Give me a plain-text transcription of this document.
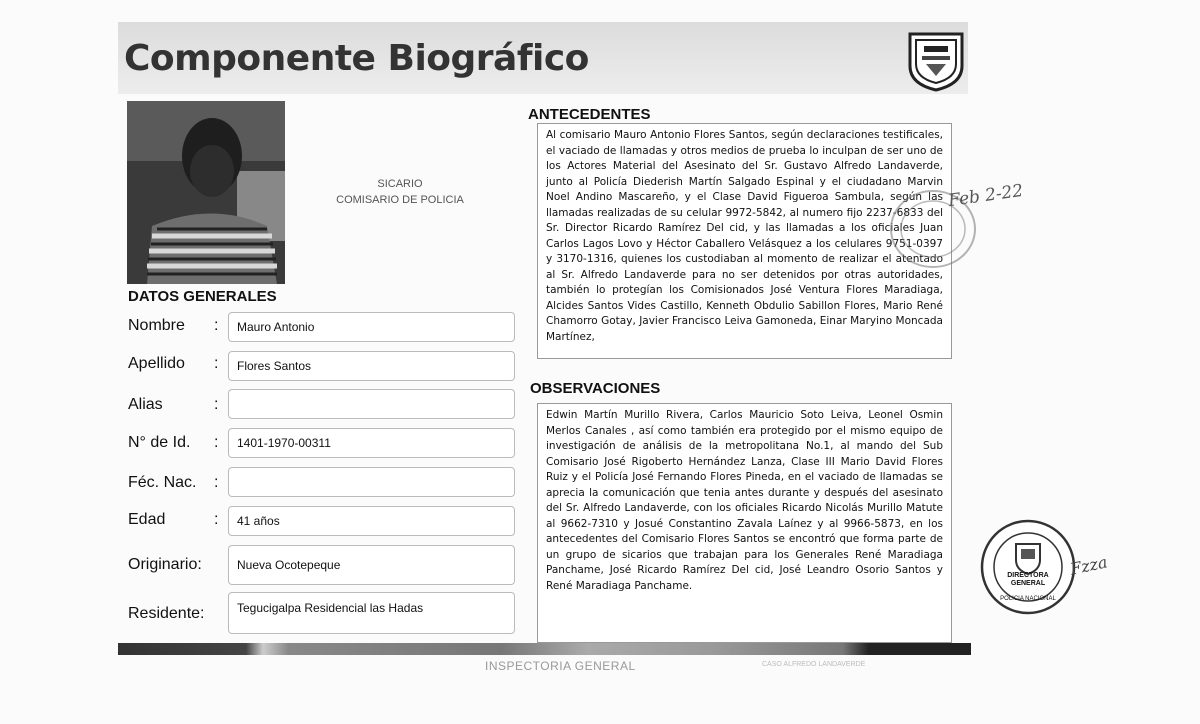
Componente Biográfico
SICARIO
COMISARIO DE POLICIA
DATOS GENERALES
Nombre :	Mauro Antonio
Apellido :	Flores Santos
Alias	:
N° de Id. :	1401-1970-00311
Féc. Nac. :
Edad	:	41 años
Originario:	Nueva Ocotepeque
Residente:	Tegucigalpa Residencial las Hadas
ANTECEDENTES
Al comisario Mauro Antonio Flores Santos, según declaraciones testificales, el vaciado de llamadas y otros medios de prueba lo inculpan de ser uno de los Actores Material del Asesinato del Sr. Gustavo Alfredo Landaverde, junto al Policía Diederish Martín Salgado Espinal y el ciudadano Marvin Noel Andino Mascareño, y el Clase David Figueroa Sambula, según las llamadas realizadas de su celular 9972-5842, al numero fijo 2237-6833 del Sr. Director Ricardo Ramírez Del cid, y las llamadas a los oficiales Juan Carlos Lagos Lovo y Héctor Caballero Velásquez a los celulares 9751-0397 y 3170-1316, quienes los custodiaban al momento de realizar el atentado al Sr. Alfredo Landaverde para no ser detenidos por otras autoridades, también lo protegían los Comisionados José Ventura Flores Maradiaga, Alcides Santos Vides Castillo, Kenneth Obdulio Sabillon Flores, Mario René Chamorro Gotay, Javier Francisco Leiva Gamoneda, Einar Maryino Moncada Martínez,
OBSERVACIONES
Edwin Martín Murillo Rivera, Carlos Mauricio Soto Leiva, Leonel Osmin Merlos Canales , así como también era protegido por el mismo equipo de investigación de análisis de la metropolitana No.1, al mando del Sub Comisario José Rigoberto Hernández Lanza, Clase III Mario David Flores Ruiz y el Policía José Fernando Flores Pineda, en el vaciado de llamadas se aprecia la comunicación que tenia antes durante y después del asesinato del Sr. Alfredo Landaverde, con los oficiales Ricardo Nicolás Murillo Matute al 9662-7310 y Josué Constantino Zavala Laínez y al 9966-5873, en los antecedentes del Comisario Flores Santos se encontró que forma parte de un grupo de sicarios que trabajan para los Generales René Maradiaga Panchame, José Ricardo Ramírez Del cid, José Leandro Osorio Santos y René Maradiaga Panchame.
Feb 2-22
DIRECTORA
GENERAL
POLICIA NACIONAL
Fzza
INSPECTORIA GENERAL	CASO ALFREDO LANDAVERDE
